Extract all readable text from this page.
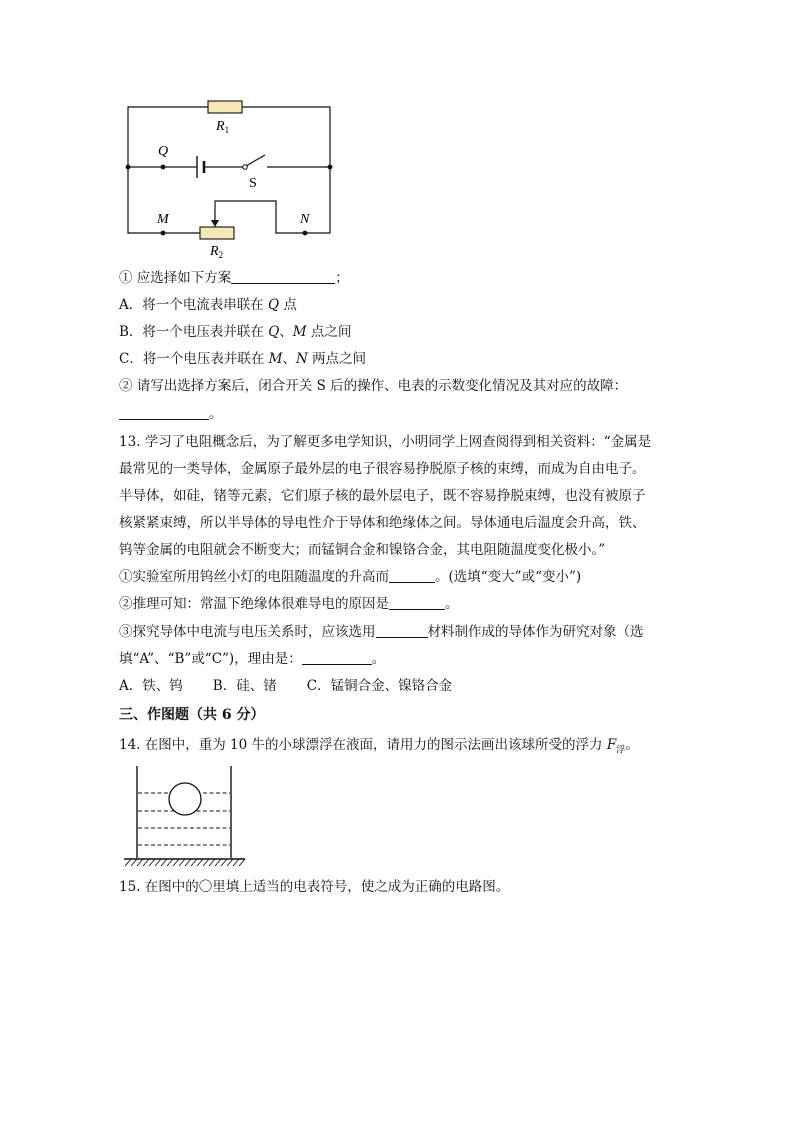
$R_1$
Q
S
M	N
$R_2$
① 应选择如下方案	；
A．将一个电流表串联在 Q 点
B．将一个电压表并联在 Q、M 点之间
C．将一个电压表并联在 M、N 两点之间
② 请写出选择方案后，闭合开关 S 后的操作、电表的示数变化情况及其对应的故障：
。
13. 学习了电阻概念后，为了解更多电学知识，小明同学上网查阅得到相关资料：“金属是
最常见的一类导体，金属原子最外层的电子很容易挣脱原子核的束缚，而成为自由电子。
半导体，如硅，锗等元素，它们原子核的最外层电子，既不容易挣脱束缚，也没有被原子
核紧紧束缚，所以半导体的导电性介于导体和绝缘体之间。导体通电后温度会升高，铁、
钨等金属的电阻就会不断变大；而锰铜合金和镍铬合金，其电阻随温度变化极小。”
①实验室所用钨丝小灯的电阻随温度的升高而	。(选填“变大”或“变小”)
②推理可知：常温下绝缘体很难导电的原因是	。
③探究导体中电流与电压关系时，应该选用	材料制作成的导体作为研究对象（选
填“A”、“B”或“C”)，理由是：	。
A．铁、钨       B．硅、锗       C．锰铜合金、镍铬合金
三、作图题（共 6 分）
14. 在图中，重为 10 牛的小球漂浮在液面，请用力的图示法画出该球所受的浮力 $F_浮$。
15. 在图中的〇里填上适当的电表符号，使之成为正确的电路图。
